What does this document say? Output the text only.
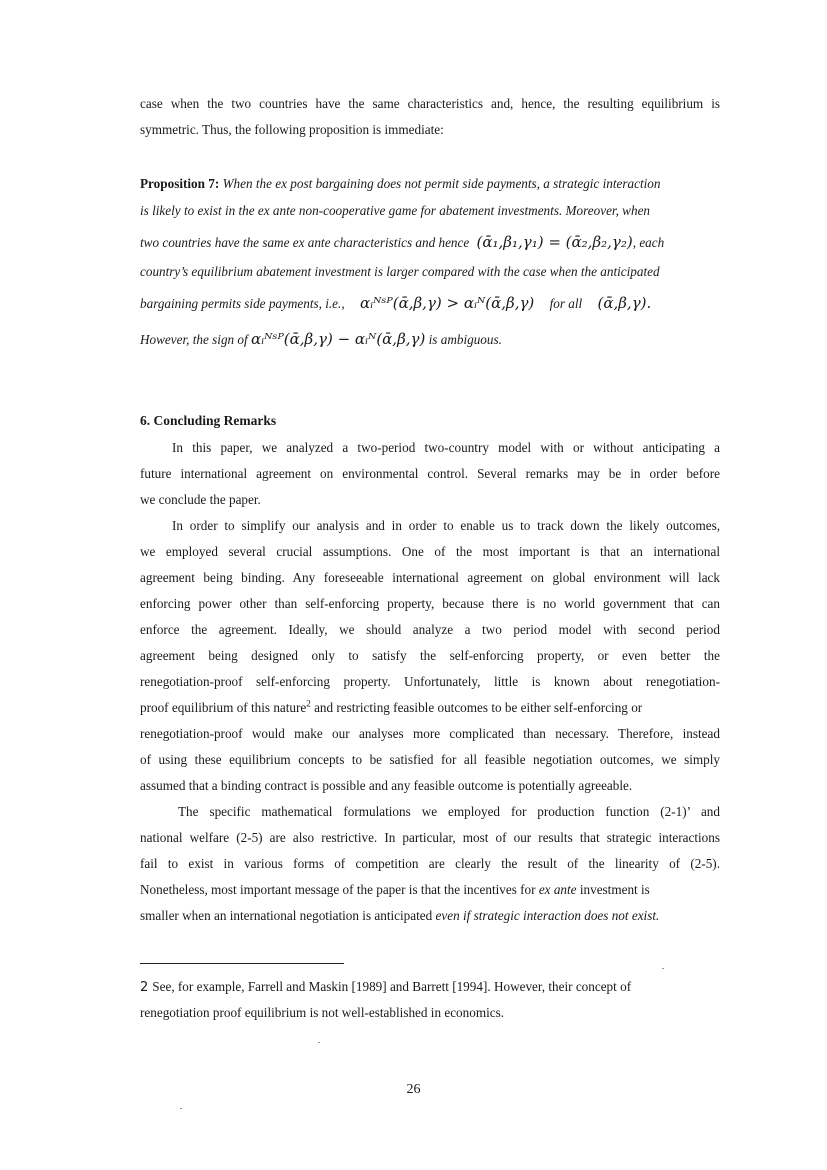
case when the two countries have the same characteristics and, hence, the resulting equilibrium is
symmetric. Thus, the following proposition is immediate:
Proposition 7: When the ex post bargaining does not permit side payments, a strategic interaction
is likely to exist in the ex ante non-cooperative game for abatement investments. Moreover, when
two countries have the same ex ante characteristics and hence (ᾱ₁,β₁,γ₁) = (ᾱ₂,β₂,γ₂), each
country’s equilibrium abatement investment is larger compared with the case when the anticipated
bargaining permits side payments, i.e., αᵢᴺˢᴾ(ᾱ,β,γ) > αᵢᴺ(ᾱ,β,γ) for all (ᾱ,β,γ).
However, the sign of αᵢᴺˢᴾ(ᾱ,β,γ) − αᵢᴺ(ᾱ,β,γ) is ambiguous.
6. Concluding Remarks
In this paper, we analyzed a two-period two-country model with or without anticipating a
future international agreement on environmental control. Several remarks may be in order before
we conclude the paper.
In order to simplify our analysis and in order to enable us to track down the likely outcomes,
we employed several crucial assumptions. One of the most important is that an international
agreement being binding. Any foreseeable international agreement on global environment will lack
enforcing power other than self-enforcing property, because there is no world government that can
enforce the agreement. Ideally, we should analyze a two period model with second period
agreement being designed only to satisfy the self-enforcing property, or even better the
renegotiation-proof self-enforcing property. Unfortunately, little is known about renegotiation-
proof equilibrium of this nature$^2$ and restricting feasible outcomes to be either self-enforcing or
renegotiation-proof would make our analyses more complicated than necessary. Therefore, instead
of using these equilibrium concepts to be satisfied for all feasible negotiation outcomes, we simply
assumed that a binding contract is possible and any feasible outcome is potentially agreeable.
The specific mathematical formulations we employed for production function (2-1)’ and
national welfare (2-5) are also restrictive. In particular, most of our results that strategic interactions
fail to exist in various forms of competition are clearly the result of the linearity of (2-5).
Nonetheless, most important message of the paper is that the incentives for ex ante investment is
smaller when an international negotiation is anticipated even if strategic interaction does not exist.
2 See, for example, Farrell and Maskin [1989] and Barrett [1994]. However, their concept of
renegotiation proof equilibrium is not well-established in economics.
26
